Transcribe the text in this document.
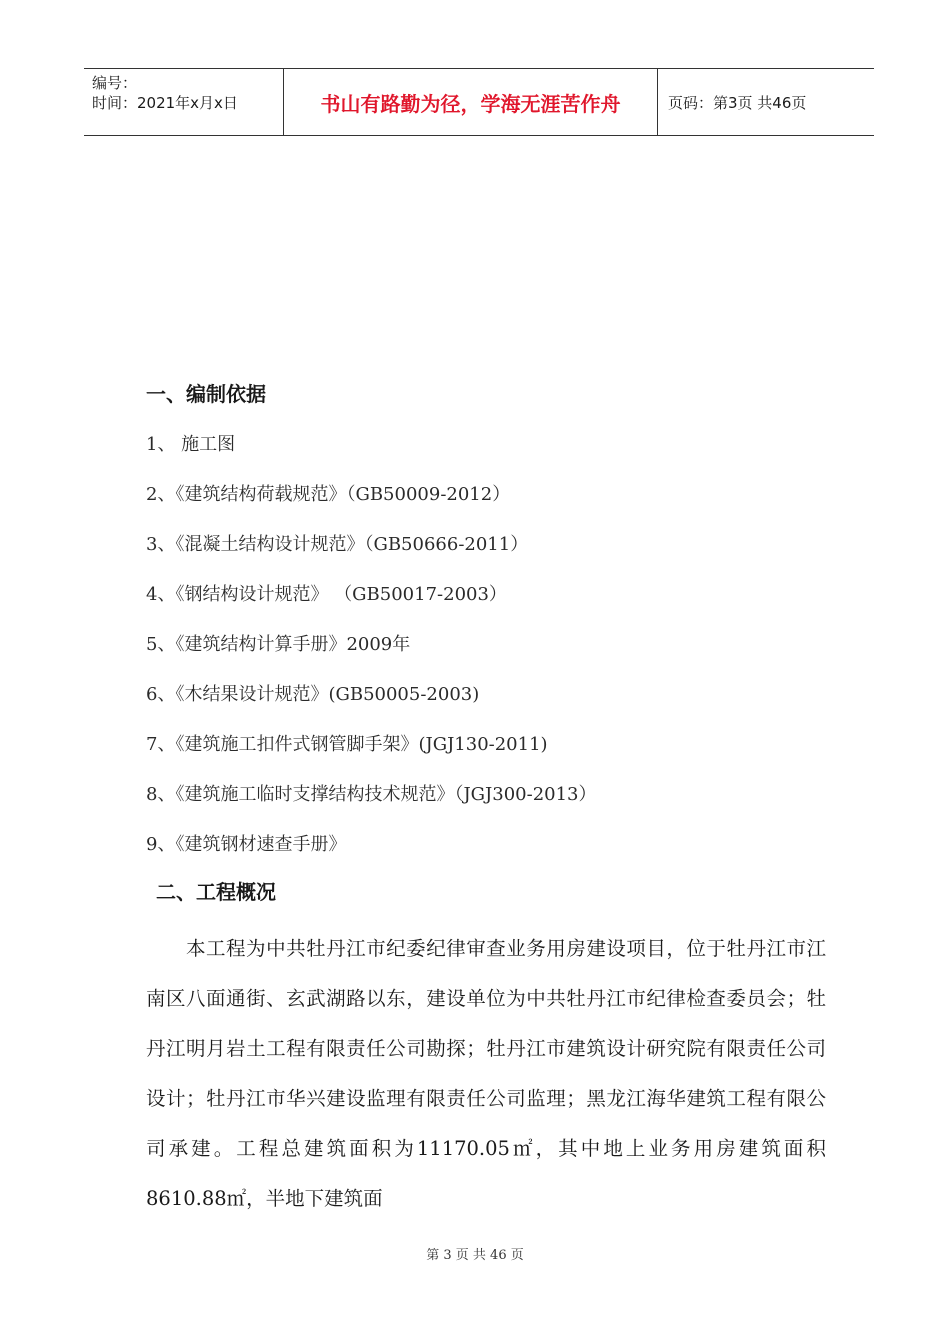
编号：
时间：2021年x月x日	书山有路勤为径，学海无涯苦作舟	页码：第3页 共46页
一、编制依据
1、 施工图
2、《建筑结构荷载规范》（GB50009-2012）
3、《混凝土结构设计规范》（GB50666-2011）
4、《钢结构设计规范》 （GB50017-2003）
5、《建筑结构计算手册》2009年
6、《木结果设计规范》(GB50005-2003)
7、《建筑施工扣件式钢管脚手架》(JGJ130-2011)
8、《建筑施工临时支撑结构技术规范》（JGJ300-2013）
9、《建筑钢材速查手册》
二、工程概况
本工程为中共牡丹江市纪委纪律审查业务用房建设项目，位于牡丹江市江南区八面通街、玄武湖路以东，建设单位为中共牡丹江市纪律检查委员会；牡丹江明月岩土工程有限责任公司勘探；牡丹江市建筑设计研究院有限责任公司设计；牡丹江市华兴建设监理有限责任公司监理；黑龙江海华建筑工程有限公司承建。工程总建筑面积为11170.05㎡，其中地上业务用房建筑面积8610.88㎡，半地下建筑面
第 3 页 共 46 页
